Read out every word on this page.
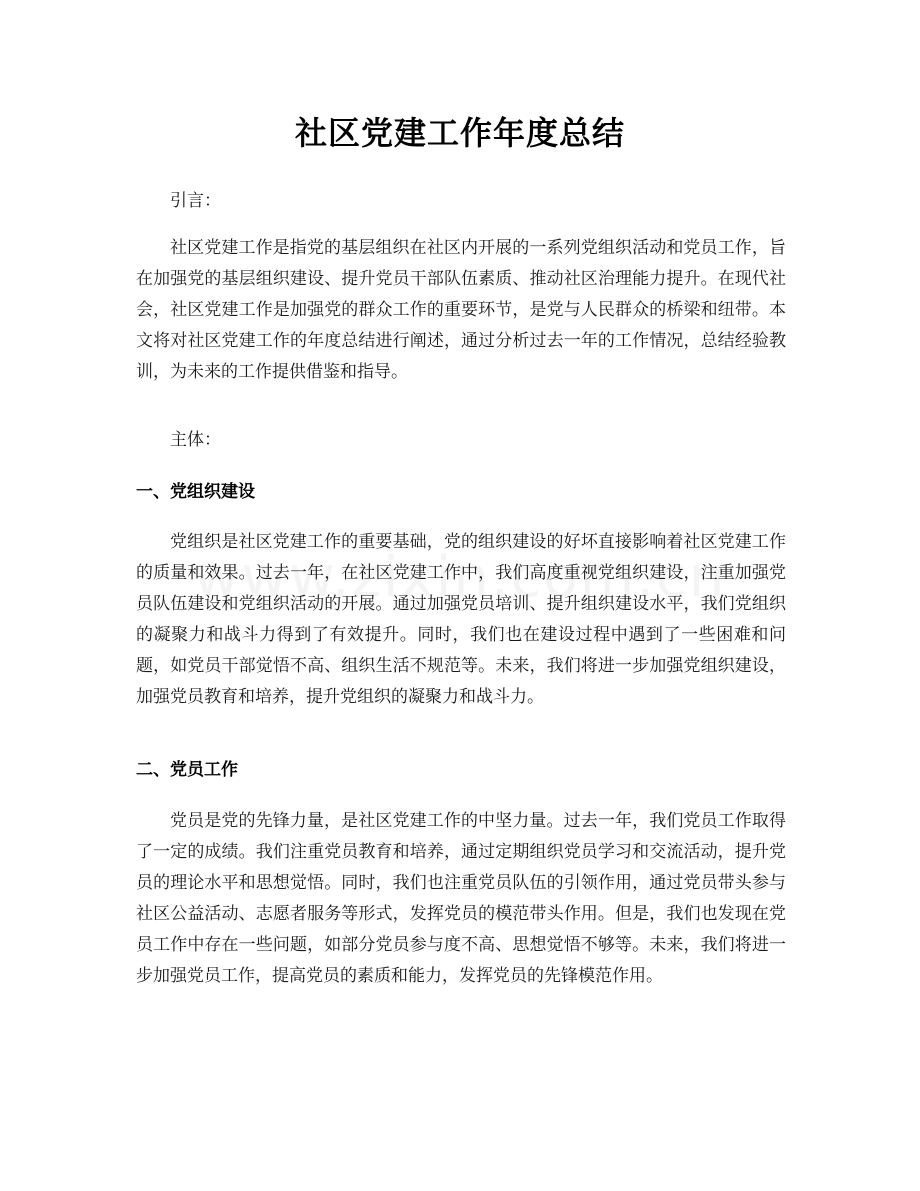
社区党建工作年度总结

引言：

社区党建工作是指党的基层组织在社区内开展的一系列党组织活动和党员工作，旨在加强党的基层组织建设、提升党员干部队伍素质、推动社区治理能力提升。在现代社会，社区党建工作是加强党的群众工作的重要环节，是党与人民群众的桥梁和纽带。本文将对社区党建工作的年度总结进行阐述，通过分析过去一年的工作情况，总结经验教训，为未来的工作提供借鉴和指导。

主体：

一、党组织建设

党组织是社区党建工作的重要基础，党的组织建设的好坏直接影响着社区党建工作的质量和效果。过去一年，在社区党建工作中，我们高度重视党组织建设，注重加强党员队伍建设和党组织活动的开展。通过加强党员培训、提升组织建设水平，我们党组织的凝聚力和战斗力得到了有效提升。同时，我们也在建设过程中遇到了一些困难和问题，如党员干部觉悟不高、组织生活不规范等。未来，我们将进一步加强党组织建设，加强党员教育和培养，提升党组织的凝聚力和战斗力。

二、党员工作

党员是党的先锋力量，是社区党建工作的中坚力量。过去一年，我们党员工作取得了一定的成绩。我们注重党员教育和培养，通过定期组织党员学习和交流活动，提升党员的理论水平和思想觉悟。同时，我们也注重党员队伍的引领作用，通过党员带头参与社区公益活动、志愿者服务等形式，发挥党员的模范带头作用。但是，我们也发现在党员工作中存在一些问题，如部分党员参与度不高、思想觉悟不够等。未来，我们将进一步加强党员工作，提高党员的素质和能力，发挥党员的先锋模范作用。
